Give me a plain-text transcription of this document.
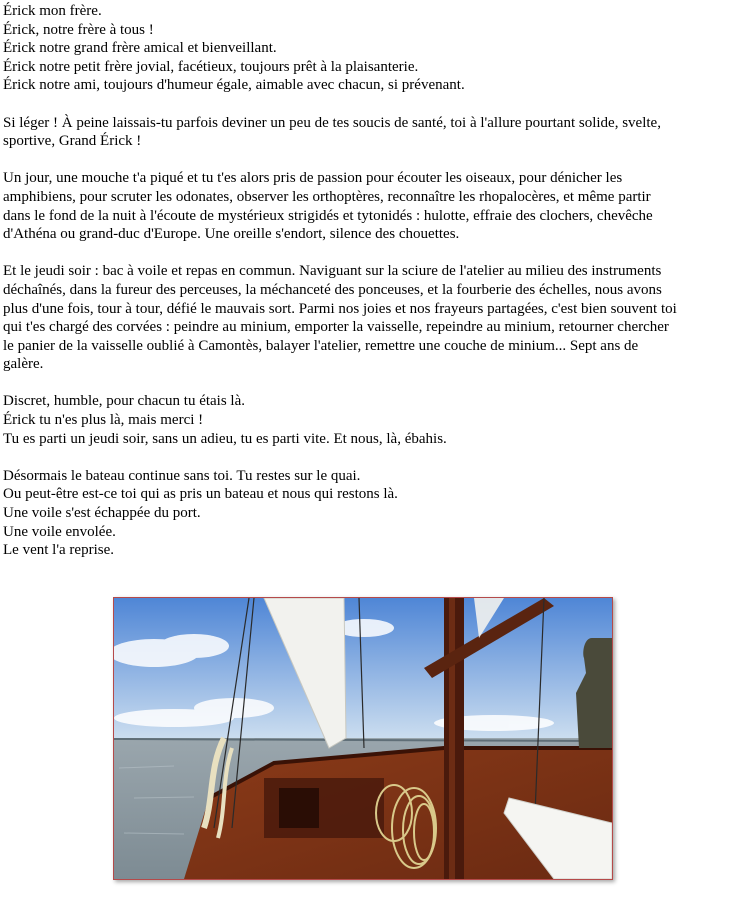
Érick mon frère.
Érick, notre frère à tous !
Érick notre grand frère amical et bienveillant.
Érick notre petit frère jovial, facétieux, toujours prêt à la plaisanterie.
Érick notre ami, toujours d'humeur égale, aimable avec chacun, si prévenant.
Si léger ! À peine laissais-tu parfois deviner un peu de tes soucis de santé, toi à l'allure pourtant solide, svelte,
sportive, Grand Érick !
Un jour, une mouche t'a piqué et tu t'es alors pris de passion pour écouter les oiseaux, pour dénicher les
amphibiens, pour scruter les odonates, observer les orthoptères, reconnaître les rhopalocères, et même partir
dans le fond de la nuit à l'écoute de mystérieux strigidés et tytonidés : hulotte, effraie des clochers, chevêche
d'Athéna ou grand-duc d'Europe. Une oreille s'endort, silence des chouettes.
Et le jeudi soir : bac à voile et repas en commun. Naviguant sur la sciure de l'atelier au milieu des instruments
déchaînés, dans la fureur des perceuses, la méchanceté des ponceuses, et la fourberie des échelles, nous avons
plus d'une fois, tour à tour, défié le mauvais sort. Parmi nos joies et nos frayeurs partagées, c'est bien souvent toi
qui t'es chargé des corvées : peindre au minium, emporter la vaisselle, repeindre au minium, retourner chercher
le panier de la vaisselle oublié à Camontès, balayer l'atelier, remettre une couche de minium... Sept ans de
galère.
Discret, humble, pour chacun tu étais là.
Érick tu n'es plus là, mais merci !
Tu es parti un jeudi soir, sans un adieu, tu es parti vite. Et nous, là, ébahis.
Désormais le bateau continue sans toi. Tu restes sur le quai.
Ou peut-être est-ce toi qui as pris un bateau et nous qui restons là.
Une voile s'est échappée du port.
Une voile envolée.
Le vent l'a reprise.
